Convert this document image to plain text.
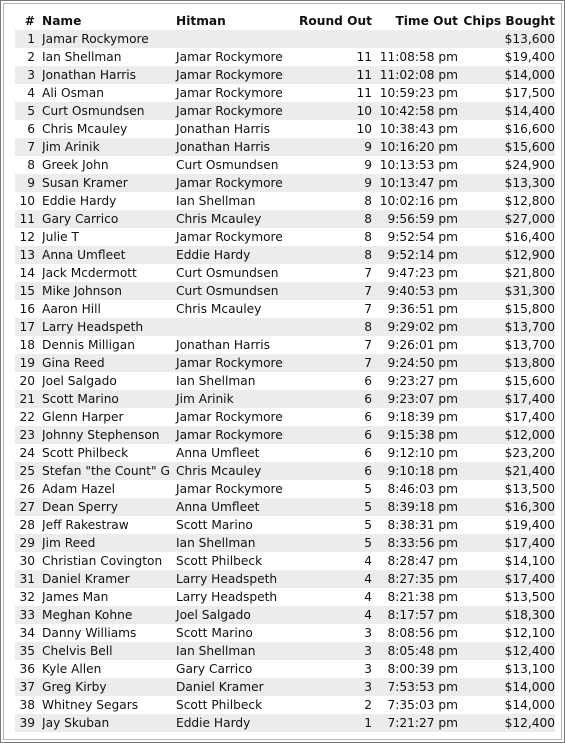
#	Name	Hitman	Round Out	Time Out	Chips Bought
1	Jamar Rockymore				$13,600
2	Ian Shellman	Jamar Rockymore	11	11:08:58 pm	$19,400
3	Jonathan Harris	Jamar Rockymore	11	11:02:08 pm	$14,000
4	Ali Osman	Jamar Rockymore	11	10:59:23 pm	$17,500
5	Curt Osmundsen	Jamar Rockymore	10	10:42:58 pm	$14,400
6	Chris Mcauley	Jonathan Harris	10	10:38:43 pm	$16,600
7	Jim Arinik	Jonathan Harris	9	10:16:20 pm	$15,600
8	Greek John	Curt Osmundsen	9	10:13:53 pm	$24,900
9	Susan Kramer	Jamar Rockymore	9	10:13:47 pm	$13,300
10	Eddie Hardy	Ian Shellman	8	10:02:16 pm	$12,800
11	Gary Carrico	Chris Mcauley	8	9:56:59 pm	$27,000
12	Julie T	Jamar Rockymore	8	9:52:54 pm	$16,400
13	Anna Umfleet	Eddie Hardy	8	9:52:14 pm	$12,900
14	Jack Mcdermott	Curt Osmundsen	7	9:47:23 pm	$21,800
15	Mike Johnson	Curt Osmundsen	7	9:40:53 pm	$31,300
16	Aaron Hill	Chris Mcauley	7	9:36:51 pm	$15,800
17	Larry Headspeth		8	9:29:02 pm	$13,700
18	Dennis Milligan	Jonathan Harris	7	9:26:01 pm	$13,700
19	Gina Reed	Jamar Rockymore	7	9:24:50 pm	$13,800
20	Joel Salgado	Ian Shellman	6	9:23:27 pm	$15,600
21	Scott Marino	Jim Arinik	6	9:23:07 pm	$17,400
22	Glenn Harper	Jamar Rockymore	6	9:18:39 pm	$17,400
23	Johnny Stephenson	Jamar Rockymore	6	9:15:38 pm	$12,000
24	Scott Philbeck	Anna Umfleet	6	9:12:10 pm	$23,200
25	Stefan "the Count" G	Chris Mcauley	6	9:10:18 pm	$21,400
26	Adam Hazel	Jamar Rockymore	5	8:46:03 pm	$13,500
27	Dean Sperry	Anna Umfleet	5	8:39:18 pm	$16,300
28	Jeff Rakestraw	Scott Marino	5	8:38:31 pm	$19,400
29	Jim Reed	Ian Shellman	5	8:33:56 pm	$17,400
30	Christian Covington	Scott Philbeck	4	8:28:47 pm	$14,100
31	Daniel Kramer	Larry Headspeth	4	8:27:35 pm	$17,400
32	James Man	Larry Headspeth	4	8:21:38 pm	$13,500
33	Meghan Kohne	Joel Salgado	4	8:17:57 pm	$18,300
34	Danny Williams	Scott Marino	3	8:08:56 pm	$12,100
35	Chelvis Bell	Ian Shellman	3	8:05:48 pm	$12,400
36	Kyle Allen	Gary Carrico	3	8:00:39 pm	$13,100
37	Greg Kirby	Daniel Kramer	3	7:53:53 pm	$14,000
38	Whitney Segars	Scott Philbeck	2	7:35:03 pm	$14,000
39	Jay Skuban	Eddie Hardy	1	7:21:27 pm	$12,400
